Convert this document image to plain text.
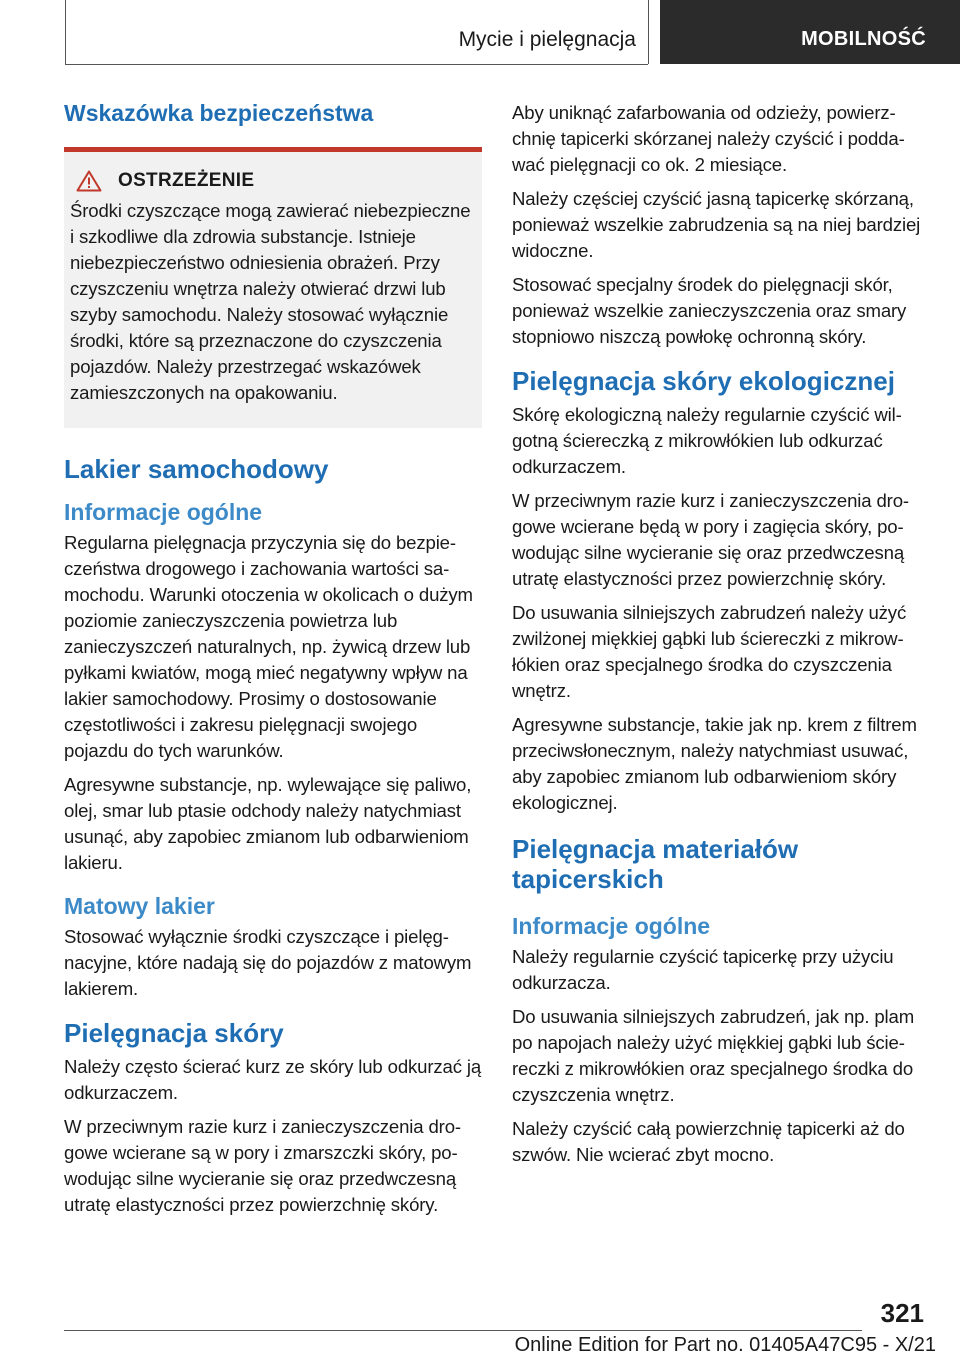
Mycie i pielęgnacja	MOBILNOŚĆ
Wskazówka bezpieczeństwa
OSTRZEŻENIE
Środki czyszczące mogą zawierać niebezpieczne i szkodliwe dla zdrowia substancje. Istnieje niebezpieczeństwo odniesienia obrażeń. Przy czyszczeniu wnętrza należy otwierać drzwi lub szyby samochodu. Należy stosować wyłącznie środki, które są przeznaczone do czyszczenia pojazdów. Należy przestrzegać wskazówek zamieszczonych na opakowaniu.
Lakier samochodowy
Informacje ogólne
Regularna pielęgnacja przyczynia się do bezpieczeństwa drogowego i zachowania wartości samochodu. Warunki otoczenia w okolicach o dużym poziomie zanieczyszczenia powietrza lub zanieczyszczeń naturalnych, np. żywicą drzew lub pyłkami kwiatów, mogą mieć negatywny wpływ na lakier samochodowy. Prosimy o dostosowanie częstotliwości i zakresu pielęgnacji swojego pojazdu do tych warunków.
Agresywne substancje, np. wylewające się paliwo, olej, smar lub ptasie odchody należy natychmiast usunąć, aby zapobiec zmianom lub odbarwieniom lakieru.
Matowy lakier
Stosować wyłącznie środki czyszczące i pielęgnacyjne, które nadają się do pojazdów z matowym lakierem.
Pielęgnacja skóry
Należy często ścierać kurz ze skóry lub odkurzać ją odkurzaczem.
W przeciwnym razie kurz i zanieczyszczenia drogowe wcierane są w pory i zmarszczki skóry, powodując silne wycieranie się oraz przedwczesną utratę elastyczności przez powierzchnię skóry.
Aby uniknąć zafarbowania od odzieży, powierzchnię tapicerki skórzanej należy czyścić i poddawać pielęgnacji co ok. 2 miesiące.
Należy częściej czyścić jasną tapicerkę skórzaną, ponieważ wszelkie zabrudzenia są na niej bardziej widoczne.
Stosować specjalny środek do pielęgnacji skór, ponieważ wszelkie zanieczyszczenia oraz smary stopniowo niszczą powłokę ochronną skóry.
Pielęgnacja skóry ekologicznej
Skórę ekologiczną należy regularnie czyścić wilgotną ściereczką z mikrowłókien lub odkurzać odkurzaczem.
W przeciwnym razie kurz i zanieczyszczenia drogowe wcierane będą w pory i zagięcia skóry, powodując silne wycieranie się oraz przedwczesną utratę elastyczności przez powierzchnię skóry.
Do usuwania silniejszych zabrudzeń należy użyć zwilżonej miękkiej gąbki lub ściereczki z mikrowłókien oraz specjalnego środka do czyszczenia wnętrz.
Agresywne substancje, takie jak np. krem z filtrem przeciwsłonecznym, należy natychmiast usuwać, aby zapobiec zmianom lub odbarwieniom skóry ekologicznej.
Pielęgnacja materiałów tapicerskich
Informacje ogólne
Należy regularnie czyścić tapicerkę przy użyciu odkurzacza.
Do usuwania silniejszych zabrudzeń, jak np. plam po napojach należy użyć miękkiej gąbki lub ściereczki z mikrowłókien oraz specjalnego środka do czyszczenia wnętrz.
Należy czyścić całą powierzchnię tapicerki aż do szwów. Nie wcierać zbyt mocno.
321
Online Edition for Part no. 01405A47C95 - X/21
